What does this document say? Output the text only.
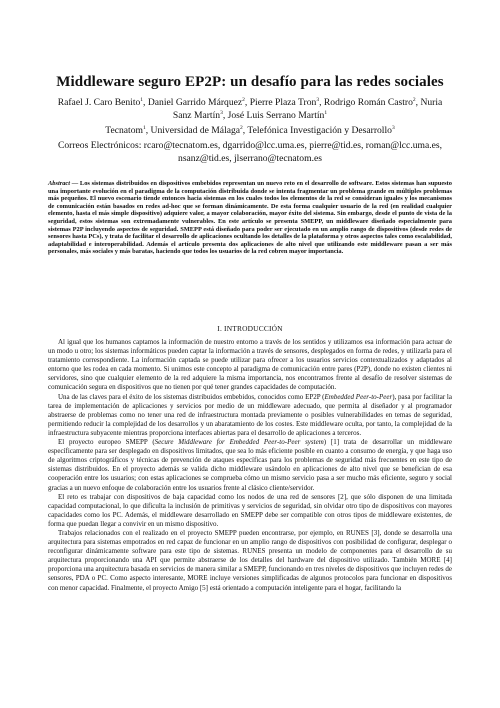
Middleware seguro EP2P: un desafío para las redes sociales
Rafael J. Caro Benito$^1$, Daniel Garrido Márquez$^2$, Pierre Plaza Tron$^3$, Rodrigo Román Castro$^2$, Nuria Sanz Martín$^3$, José Luis Serrano Martín$^1$
Tecnatom$^1$, Universidad de Málaga$^2$, Telefónica Investigación y Desarrollo$^3$
Correos Electrónicos: rcaro@tecnatom.es, dgarrido@lcc.uma.es, pierre@tid.es, roman@lcc.uma.es,
nsanz@tid.es, jlserrano@tecnatom.es
Abstract — Los sistemas distribuidos en dispositivos embebidos representan un nuevo reto en el desarrollo de software. Estos sistemas han supuesto una importante evolución en el paradigma de la computación distribuida donde se intenta fragmentar un problema grande en múltiples problemas más pequeños. El nuevo escenario tiende entonces hacia sistemas en los cuales todos los elementos de la red se consideran iguales y los mecanismos de comunicación están basados en redes ad-hoc que se forman dinámicamente. De esta forma cualquier usuario de la red (en realidad cualquier elemento, hasta el más simple dispositivo) adquiere valor, a mayor colaboración, mayor éxito del sistema. Sin embargo, desde el punto de vista de la seguridad, estos sistemas son extremadamente vulnerables. En este artículo se presenta SMEPP, un middleware diseñado especialmente para sistemas P2P incluyendo aspectos de seguridad. SMEPP está diseñado para poder ser ejecutado en un amplio rango de dispositivos (desde redes de sensores hasta PCs), y trata de facilitar el desarrollo de aplicaciones ocultando los detalles de la plataforma y otros aspectos tales como escalabilidad, adaptabilidad e interoperabilidad. Además el artículo presenta dos aplicaciones de alto nivel que utilizando este middleware pasan a ser más personales, más sociales y más baratas, haciendo que todos los usuarios de la red cobren mayor importancia.
I. INTRODUCCIÓN

Al igual que los humanos captamos la información de nuestro entorno a través de los sentidos y utilizamos esa información para actuar de un modo u otro; los sistemas informáticos pueden captar la información a través de sensores, desplegados en forma de redes, y utilizarla para el tratamiento correspondiente. La información captada se puede utilizar para ofrecer a los usuarios servicios contextualizados y adaptados al entorno que les rodea en cada momento. Si unimos este concepto al paradigma de comunicación entre pares (P2P), donde no existen clientes ni servidores, sino que cualquier elemento de la red adquiere la misma importancia, nos encontramos frente al desafío de resolver sistemas de comunicación segura en dispositivos que no tienen por qué tener grandes capacidades de computación.

Una de las claves para el éxito de los sistemas distribuidos embebidos, conocidos como EP2P (Embedded Peer-to-Peer), pasa por facilitar la tarea de implementación de aplicaciones y servicios por medio de un middleware adecuado, que permita al diseñador y al programador abstraerse de problemas como no tener una red de infraestructura montada previamente o posibles vulnerabilidades en temas de seguridad, permitiendo reducir la complejidad de los desarrollos y un abaratamiento de los costes. Este middleware oculta, por tanto, la complejidad de la infraestructura subyacente mientras proporciona interfaces abiertas para el desarrollo de aplicaciones a terceros.

El proyecto europeo SMEPP (Secure Middleware for Embedded Peer-to-Peer system) [1] trata de desarrollar un middleware específicamente para ser desplegado en dispositivos limitados, que sea lo más eficiente posible en cuanto a consumo de energía, y que haga uso de algoritmos criptográficos y técnicas de prevención de ataques específicas para los problemas de seguridad más frecuentes en este tipo de sistemas distribuidos. En el proyecto además se valida dicho middleware usándolo en aplicaciones de alto nivel que se benefician de esa cooperación entre los usuarios; con estas aplicaciones se comprueba cómo un mismo servicio pasa a ser mucho más eficiente, seguro y social gracias a un nuevo enfoque de colaboración entre los usuarios frente al clásico cliente/servidor.

El reto es trabajar con dispositivos de baja capacidad como los nodos de una red de sensores [2], que sólo disponen de una limitada capacidad computacional, lo que dificulta la inclusión de primitivas y servicios de seguridad, sin olvidar otro tipo de dispositivos con mayores capacidades como los PC. Además, el middleware desarrollado en SMEPP debe ser compatible con otros tipos de middleware existentes, de forma que puedan llegar a convivir en un mismo dispositivo.

Trabajos relacionados con el realizado en el proyecto SMEPP pueden encontrarse, por ejemplo, en RUNES [3], donde se desarrolla una arquitectura para sistemas empotrados en red capaz de funcionar en un amplio rango de dispositivos con posibilidad de configurar, desplegar o reconfigurar dinámicamente software para este tipo de sistemas. RUNES presenta un modelo de componentes para el desarrollo de su arquitectura proporcionando una API que permite abstraerse de los detalles del hardware del dispositivo utilizado. También MORE [4] proporciona una arquitectura basada en servicios de manera similar a SMEPP, funcionando en tres niveles de dispositivos que incluyen redes de sensores, PDA o PC. Como aspecto interesante, MORE incluye versiones simplificadas de algunos protocolos para funcionar en dispositivos con menor capacidad. Finalmente, el proyecto Amigo [5] está orientado a computación inteligente para el hogar, facilitando la
